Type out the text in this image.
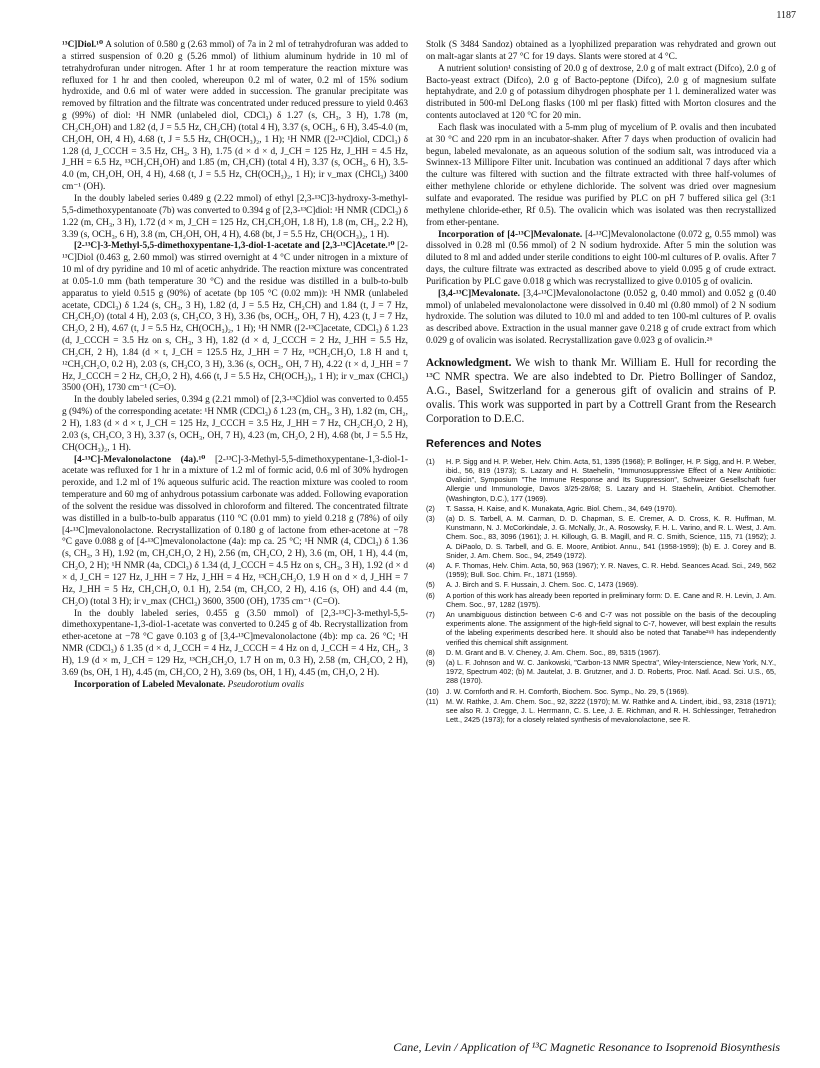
1187

¹³C]Diol.¹⁰ A solution of 0.580 g (2.63 mmol) of 7a in 2 ml of tetrahydrofuran was added to a stirred suspension of 0.20 g (5.26 mmol) of lithium aluminum hydride in 10 ml of tetrahydrofuran under nitrogen. After 1 hr at room temperature the reaction mixture was refluxed for 1 hr and then cooled, whereupon 0.2 ml of water, 0.2 ml of 15% sodium hydroxide, and 0.6 ml of water were added in succession. The granular precipitate was removed by filtration and the filtrate was concentrated under reduced pressure to yield 0.463 g (99%) of diol: ¹H NMR (unlabeled diol, CDCl₃) δ 1.27 (s, CH₃, 3 H), 1.78 (m, CH₂CH₂OH) and 1.82 (d, J = 5.5 Hz, CH₂CH) (total 4 H), 3.37 (s, OCH₃, 6 H), 3.45-4.0 (m, CH₂OH, OH, 4 H), 4.68 (t, J = 5.5 Hz, CH(OCH₃)₂, 1 H); ¹H NMR ([2-¹³C]diol, CDCl₃) δ 1.28 (d, J_CCCH = 3.5 Hz, CH₃, 3 H), 1.75 (d × d × d, J_CH = 125 Hz, J_HH = 4.5 Hz, J_HH = 6.5 Hz, ¹³CH₂CH₂OH) and 1.85 (m, CH₂CH) (total 4 H), 3.37 (s, OCH₃, 6 H), 3.5-4.0 (m, CH₂OH, OH, 4 H), 4.68 (t, J = 5.5 Hz, CH(OCH₃)₂, 1 H); ir ν_max (CHCl₃) 3400 cm⁻¹ (OH).

In the doubly labeled series 0.489 g (2.22 mmol) of ethyl [2,3-¹³C]3-hydroxy-3-methyl-5,5-dimethoxypentanoate (7b) was converted to 0.394 g of [2,3-¹³C]diol: ¹H NMR (CDCl₃) δ 1.22 (m, CH₃, 3 H), 1.72 (d × m, J_CH = 125 Hz, CH₂CH₂OH, 1.8 H), 1.8 (m, CH₂, 2.2 H), 3.39 (s, OCH₃, 6 H), 3.8 (m, CH₂OH, OH, 4 H), 4.68 (bt, J = 5.5 Hz, CH(OCH₃)₂, 1 H).

[2-¹³C]-3-Methyl-5,5-dimethoxypentane-1,3-diol-1-acetate and [2,3-¹³C]Acetate.¹⁰ [2-¹³C]Diol (0.463 g, 2.60 mmol) was stirred overnight at 4 °C under nitrogen in a mixture of 10 ml of dry pyridine and 10 ml of acetic anhydride. The reaction mixture was concentrated at 0.05-1.0 mm (bath temperature 30 °C) and the residue was distilled in a bulb-to-bulb apparatus to yield 0.515 g (90%) of acetate (bp 105 °C (0.02 mm)): ¹H NMR (unlabeled acetate, CDCl₃) δ 1.24 (s, CH₃, 3 H), 1.82 (d, J = 5.5 Hz, CH₂CH) and 1.84 (t, J = 7 Hz, CH₂CH₂O) (total 4 H), 2.03 (s, CH₃CO, 3 H), 3.36 (bs, OCH₃, OH, 7 H), 4.23 (t, J = 7 Hz, CH₂O, 2 H), 4.67 (t, J = 5.5 Hz, CH(OCH₃)₂, 1 H); ¹H NMR ([2-¹³C]acetate, CDCl₃) δ 1.23 (d, J_CCCH = 3.5 Hz on s, CH₃, 3 H), 1.82 (d × d, J_CCCH = 2 Hz, J_HH = 5.5 Hz, CH₂CH, 2 H), 1.84 (d × t, J_CH = 125.5 Hz, J_HH = 7 Hz, ¹³CH₂CH₂O, 1.8 H and t, ¹²CH₂CH₂O, 0.2 H), 2.03 (s, CH₃CO, 3 H), 3.36 (s, OCH₃, OH, 7 H), 4.22 (t × d, J_HH = 7 Hz, J_CCCH = 2 Hz, CH₂O, 2 H), 4.66 (t, J = 5.5 Hz, CH(OCH₃)₂, 1 H); ir ν_max (CHCl₃) 3500 (OH), 1730 cm⁻¹ (C=O).

In the doubly labeled series, 0.394 g (2.21 mmol) of [2,3-¹³C]diol was converted to 0.455 g (94%) of the corresponding acetate: ¹H NMR (CDCl₃) δ 1.23 (m, CH₃, 3 H), 1.82 (m, CH₂, 2 H), 1.83 (d × d × t, J_CH = 125 Hz, J_CCCH = 3.5 Hz, J_HH = 7 Hz, CH₂CH₂O, 2 H), 2.03 (s, CH₃CO, 3 H), 3.37 (s, OCH₃, OH, 7 H), 4.23 (m, CH₂O, 2 H), 4.68 (bt, J = 5.5 Hz, CH(OCH₃)₂, 1 H).

[4-¹³C]-Mevalonolactone (4a).¹⁰ [2-¹³C]-3-Methyl-5,5-dimethoxypentane-1,3-diol-1-acetate was refluxed for 1 hr in a mixture of 1.2 ml of formic acid, 0.6 ml of 30% hydrogen peroxide, and 1.2 ml of 1% aqueous sulfuric acid. The reaction mixture was cooled to room temperature and 60 mg of anhydrous potassium carbonate was added. Following evaporation of the solvent the residue was dissolved in chloroform and filtered. The concentrated filtrate was distilled in a bulb-to-bulb apparatus (110 °C (0.01 mm) to yield 0.218 g (78%) of oily [4-¹³C]mevalonolactone. Recrystallization of 0.180 g of lactone from ether-acetone at −78 °C gave 0.088 g of [4-¹³C]mevalonolactone (4a): mp ca. 25 °C; ¹H NMR (4, CDCl₃) δ 1.36 (s, CH₃, 3 H), 1.92 (m, CH₂CH₂O, 2 H), 2.56 (m, CH₂CO, 2 H), 3.6 (m, OH, 1 H), 4.4 (m, CH₂O, 2 H); ¹H NMR (4a, CDCl₃) δ 1.34 (d, J_CCCH = 4.5 Hz on s, CH₃, 3 H), 1.92 (d × d × d, J_CH = 127 Hz, J_HH = 7 Hz, J_HH = 4 Hz, ¹³CH₂CH₂O, 1.9 H on d × d, J_HH = 7 Hz, J_HH = 5 Hz, CH₂CH₂O, 0.1 H), 2.54 (m, CH₂CO, 2 H), 4.16 (s, OH) and 4.4 (m, CH₂O) (total 3 H); ir ν_max (CHCl₃) 3600, 3500 (OH), 1735 cm⁻¹ (C=O).

In the doubly labeled series, 0.455 g (3.50 mmol) of [2,3-¹³C]-3-methyl-5,5-dimethoxypentane-1,3-diol-1-acetate was converted to 0.245 g of 4b. Recrystallization from ether-acetone at −78 °C gave 0.103 g of [3,4-¹³C]mevalonolactone (4b): mp ca. 26 °C; ¹H NMR (CDCl₃) δ 1.35 (d × d, J_CCH = 4 Hz, J_CCCH = 4 Hz on d, J_CCH = 4 Hz, CH₃, 3 H), 1.9 (d × m, J_CH = 129 Hz, ¹³CH₂CH₂O, 1.7 H on m, 0.3 H), 2.58 (m, CH₂CO, 2 H), 3.69 (bs, OH, 1 H), 4.45 (m, CH₂CO, 2 H), 3.69 (bs, OH, 1 H), 4.45 (m, CH₂O, 2 H).

Incorporation of Labeled Mevalonate. Pseudorotium ovalis

Stolk (S 3484 Sandoz) obtained as a lyophilized preparation was rehydrated and grown out on malt-agar slants at 27 °C for 19 days. Slants were stored at 4 °C.

A nutrient solution¹ consisting of 20.0 g of dextrose, 2.0 g of malt extract (Difco), 2.0 g of Bacto-yeast extract (Difco), 2.0 g of Bacto-peptone (Difco), 2.0 g of magnesium sulfate heptahydrate, and 2.0 g of potassium dihydrogen phosphate per 1 l. demineralized water was distributed in 500-ml DeLong flasks (100 ml per flask) fitted with Morton closures and the contents autoclaved at 120 °C for 20 min.

Each flask was inoculated with a 5-mm plug of mycelium of P. ovalis and then incubated at 30 °C and 220 rpm in an incubator-shaker. After 7 days when production of ovalicin had begun, labeled mevalonate, as an aqueous solution of the sodium salt, was introduced via a Swinnex-13 Millipore Filter unit. Incubation was continued an additional 7 days after which the culture was filtered with suction and the filtrate extracted with three half-volumes of either methylene chloride or ethylene dichloride. The solvent was dried over magnesium sulfate and evaporated. The residue was purified by PLC on pH 7 buffered silica gel (3:1 methylene chloride-ether, Rf 0.5). The ovalicin which was isolated was then recrystallized from ether-pentane.

Incorporation of [4-¹³C]Mevalonate. [4-¹³C]Mevalonolactone (0.072 g, 0.55 mmol) was dissolved in 0.28 ml (0.56 mmol) of 2 N sodium hydroxide. After 5 min the solution was diluted to 8 ml and added under sterile conditions to eight 100-ml cultures of P. ovalis. After 7 days, the culture filtrate was extracted as described above to yield 0.095 g of crude extract. Purification by PLC gave 0.018 g which was recrystallized to give 0.0105 g of ovalicin.

[3,4-¹³C]Mevalonate. [3,4-¹³C]Mevalonolactone (0.052 g, 0.40 mmol) and 0.052 g (0.40 mmol) of unlabeled mevalonolactone were dissolved in 0.40 ml (0.80 mmol) of 2 N sodium hydroxide. The solution was diluted to 10.0 ml and added to ten 100-ml cultures of P. ovalis as described above. Extraction in the usual manner gave 0.218 g of crude extract from which 0.029 g of ovalicin was isolated. Recrystallization gave 0.023 g of ovalicin.²⁶

Acknowledgment. We wish to thank Mr. William E. Hull for recording the ¹³C NMR spectra. We are also indebted to Dr. Pietro Bollinger of Sandoz, A.G., Basel, Switzerland for a generous gift of ovalicin and strains of P. ovalis. This work was supported in part by a Cottrell Grant from the Research Corporation to D.E.C.

References and Notes
(1)	H. P. Sigg and H. P. Weber, Helv. Chim. Acta, 51, 1395 (1968); P. Bollinger, H. P. Sigg, and H. P. Weber, ibid., 56, 819 (1973); S. Lazary and H. Staehelin, "Immunosuppressive Effect of a New Antibiotic: Ovalicin", Symposium "The Immune Response and Its Suppression", Schweizer Gesellschaft fuer Allergie und Immunologie, Davos 3/25-28/68; S. Lazary and H. Staehelin, Antibiot. Chemother. (Washington, D.C.), 177 (1969).
(2)	T. Sassa, H. Kaise, and K. Munakata, Agric. Biol. Chem., 34, 649 (1970).
(3)	(a) D. S. Tarbell, A. M. Carman, D. D. Chapman, S. E. Cremer, A. D. Cross, K. R. Huffman, M. Kunstmann, N. J. McCorkindale, J. G. McNally, Jr., A. Rosowsky, F. H. L. Varino, and R. L. West, J. Am. Chem. Soc., 83, 3096 (1961); J. H. Killough, G. B. Magill, and R. C. Smith, Science, 115, 71 (1952); J. A. DiPaolo, D. S. Tarbell, and G. E. Moore, Antibiot. Annu., 541 (1958-1959); (b) E. J. Corey and B. Snider, J. Am. Chem. Soc., 94, 2549 (1972).
(4)	A. F. Thomas, Helv. Chim. Acta, 50, 963 (1967); Y. R. Naves, C. R. Hebd. Seances Acad. Sci., 249, 562 (1959); Bull. Soc. Chim. Fr., 1871 (1959).
(5)	A. J. Birch and S. F. Hussain, J. Chem. Soc. C, 1473 (1969).
(6)	A portion of this work has already been reported in preliminary form: D. E. Cane and R. H. Levin, J. Am. Chem. Soc., 97, 1282 (1975).
(7)	An unambiguous distinction between C-6 and C-7 was not possible on the basis of the decoupling experiments alone. The assignment of the high-field signal to C-7, however, will best explain the results of the labeling experiments described here. It should also be noted that Tanabe²⁶ᵇ has independently verified this chemical shift assignment.
(8)	D. M. Grant and B. V. Cheney, J. Am. Chem. Soc., 89, 5315 (1967).
(9)	(a) L. F. Johnson and W. C. Jankowski, "Carbon-13 NMR Spectra", Wiley-Interscience, New York, N.Y., 1972, Spectrum 402; (b) M. Jautelat, J. B. Grutzner, and J. D. Roberts, Proc. Natl. Acad. Sci. U.S., 65, 288 (1970).
(10)	J. W. Cornforth and R. H. Cornforth, Biochem. Soc. Symp., No. 29, 5 (1969).
(11)	M. W. Rathke, J. Am. Chem. Soc., 92, 3222 (1970); M. W. Rathke and A. Lindert, ibid., 93, 2318 (1971); see also R. J. Cregge, J. L. Herrmann, C. S. Lee, J. E. Richman, and R. H. Schlessinger, Tetrahedron Lett., 2425 (1973); for a closely related synthesis of mevalonolactone, see R.
Cane, Levin / Application of ¹³C Magnetic Resonance to Isoprenoid Biosynthesis
